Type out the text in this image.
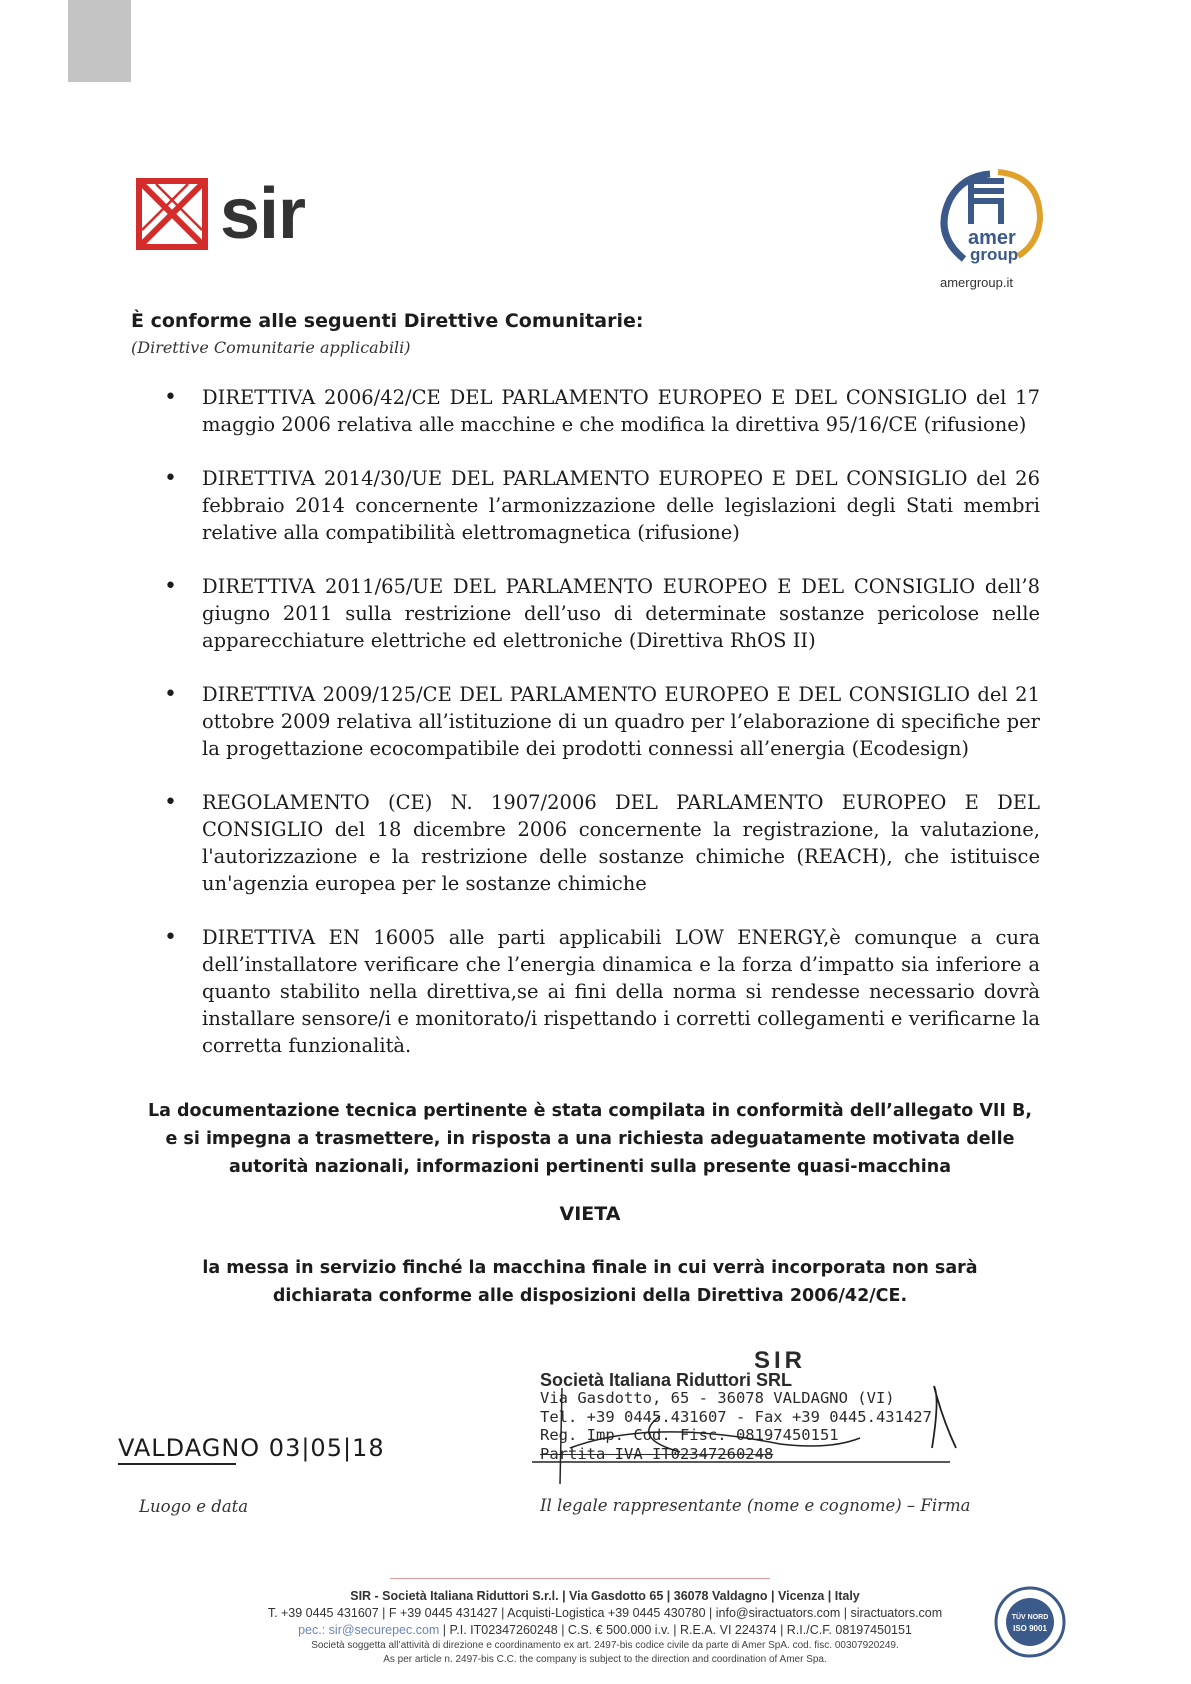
sir	amer
group
amergroup.it
È conforme alle seguenti Direttive Comunitarie:
(Direttive Comunitarie applicabili)
• DIRETTIVA 2006/42/CE DEL PARLAMENTO EUROPEO E DEL CONSIGLIO del 17 maggio 2006 relativa alle macchine e che modifica la direttiva 95/16/CE (rifusione)
• DIRETTIVA 2014/30/UE DEL PARLAMENTO EUROPEO E DEL CONSIGLIO del 26 febbraio 2014 concernente l’armonizzazione delle legislazioni degli Stati membri relative alla compatibilità elettromagnetica (rifusione)
• DIRETTIVA 2011/65/UE DEL PARLAMENTO EUROPEO E DEL CONSIGLIO dell’8 giugno 2011 sulla restrizione dell’uso di determinate sostanze pericolose nelle apparecchiature elettriche ed elettroniche (Direttiva RhOS II)
• DIRETTIVA 2009/125/CE DEL PARLAMENTO EUROPEO E DEL CONSIGLIO del 21 ottobre 2009 relativa all’istituzione di un quadro per l’elaborazione di specifiche per la progettazione ecocompatibile dei prodotti connessi all’energia (Ecodesign)
• REGOLAMENTO (CE) N. 1907/2006 DEL PARLAMENTO EUROPEO E DEL CONSIGLIO del 18 dicembre 2006 concernente la registrazione, la valutazione, l'autorizzazione e la restrizione delle sostanze chimiche (REACH), che istituisce un'agenzia europea per le sostanze chimiche
• DIRETTIVA EN 16005 alle parti applicabili LOW ENERGY,è comunque a cura dell’installatore verificare che l’energia dinamica e la forza d’impatto sia inferiore a quanto stabilito nella direttiva,se ai fini della norma si rendesse necessario dovrà installare sensore/i e monitorato/i rispettando i corretti collegamenti e verificarne la corretta funzionalità.
La documentazione tecnica pertinente è stata compilata in conformità dell’allegato VII B, e si impegna a trasmettere, in risposta a una richiesta adeguatamente motivata delle autorità nazionali, informazioni pertinenti sulla presente quasi-macchina
VIETA
la messa in servizio finché la macchina finale in cui verrà incorporata non sarà dichiarata conforme alle disposizioni della Direttiva 2006/42/CE.
SIR
Società Italiana Riduttori SRL
Via Gasdotto, 65 - 36078 VALDAGNO (VI)
Tel. +39 0445.431607 - Fax +39 0445.431427
Reg. Imp. Cod. Fisc. 08197450151
Partita IVA IT02347260248
VALDAGNO 03|05|18
Luogo e data	Il legale rappresentante (nome e cognome) – Firma
SIR - Società Italiana Riduttori S.r.l. | Via Gasdotto 65 | 36078 Valdagno | Vicenza | Italy
T. +39 0445 431607 | F +39 0445 431427 | Acquisti-Logistica +39 0445 430780 | info@siractuators.com | siractuators.com
pec.: sir@securepec.com | P.I. IT02347260248 | C.S. € 500.000 i.v. | R.E.A. VI 224374 | R.I./C.F. 08197450151
Società soggetta all’attività di direzione e coordinamento ex art. 2497-bis codice civile da parte di Amer SpA. cod. fisc. 00307920249.
As per article n. 2497-bis C.C. the company is subject to the direction and coordination of Amer Spa.
TÜV NORD
ISO 9001
